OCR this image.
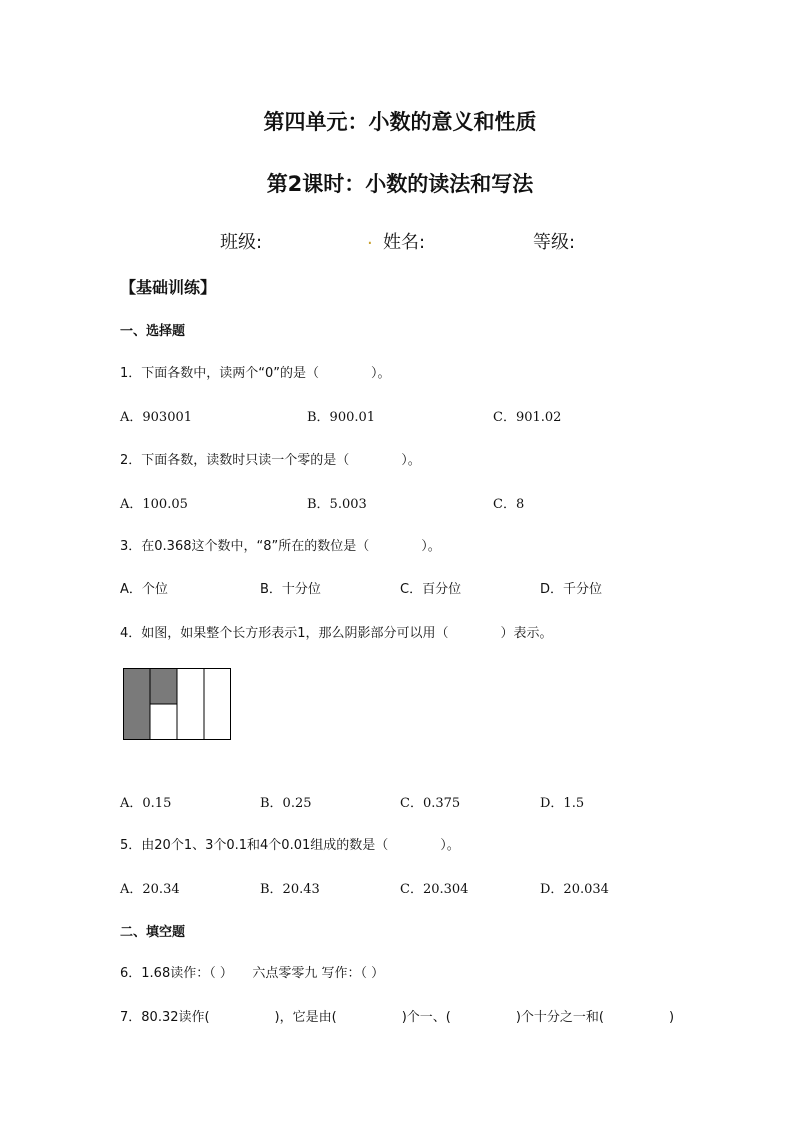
第四单元：小数的意义和性质
第2课时：小数的读法和写法
班级:	. 姓名:	等级:
【基础训练】
一、选择题
1．下面各数中，读两个“0”的是（　　　　）。
A．903001	B．900.01	C．901.02
2．下面各数，读数时只读一个零的是（　　　　）。
A．100.05	B．5.003	C．8
3．在0.368这个数中，“8”所在的数位是（　　　　）。
A．个位	B．十分位	C．百分位	D．千分位
4．如图，如果整个长方形表示1，那么阴影部分可以用（　　　　）表示。
A．0.15	B．0.25	C．0.375	D．1.5
5．由20个1、3个0.1和4个0.01组成的数是（　　　　）。
A．20.34	B．20.43	C．20.304	D．20.034
二、填空题
6．1.68读作：（ ）　　六点零零九 写作：（ ）
7．80.32读作(　　　　　)，它是由(　　　　　)个一、(　　　　　)个十分之一和(　　　　　)
